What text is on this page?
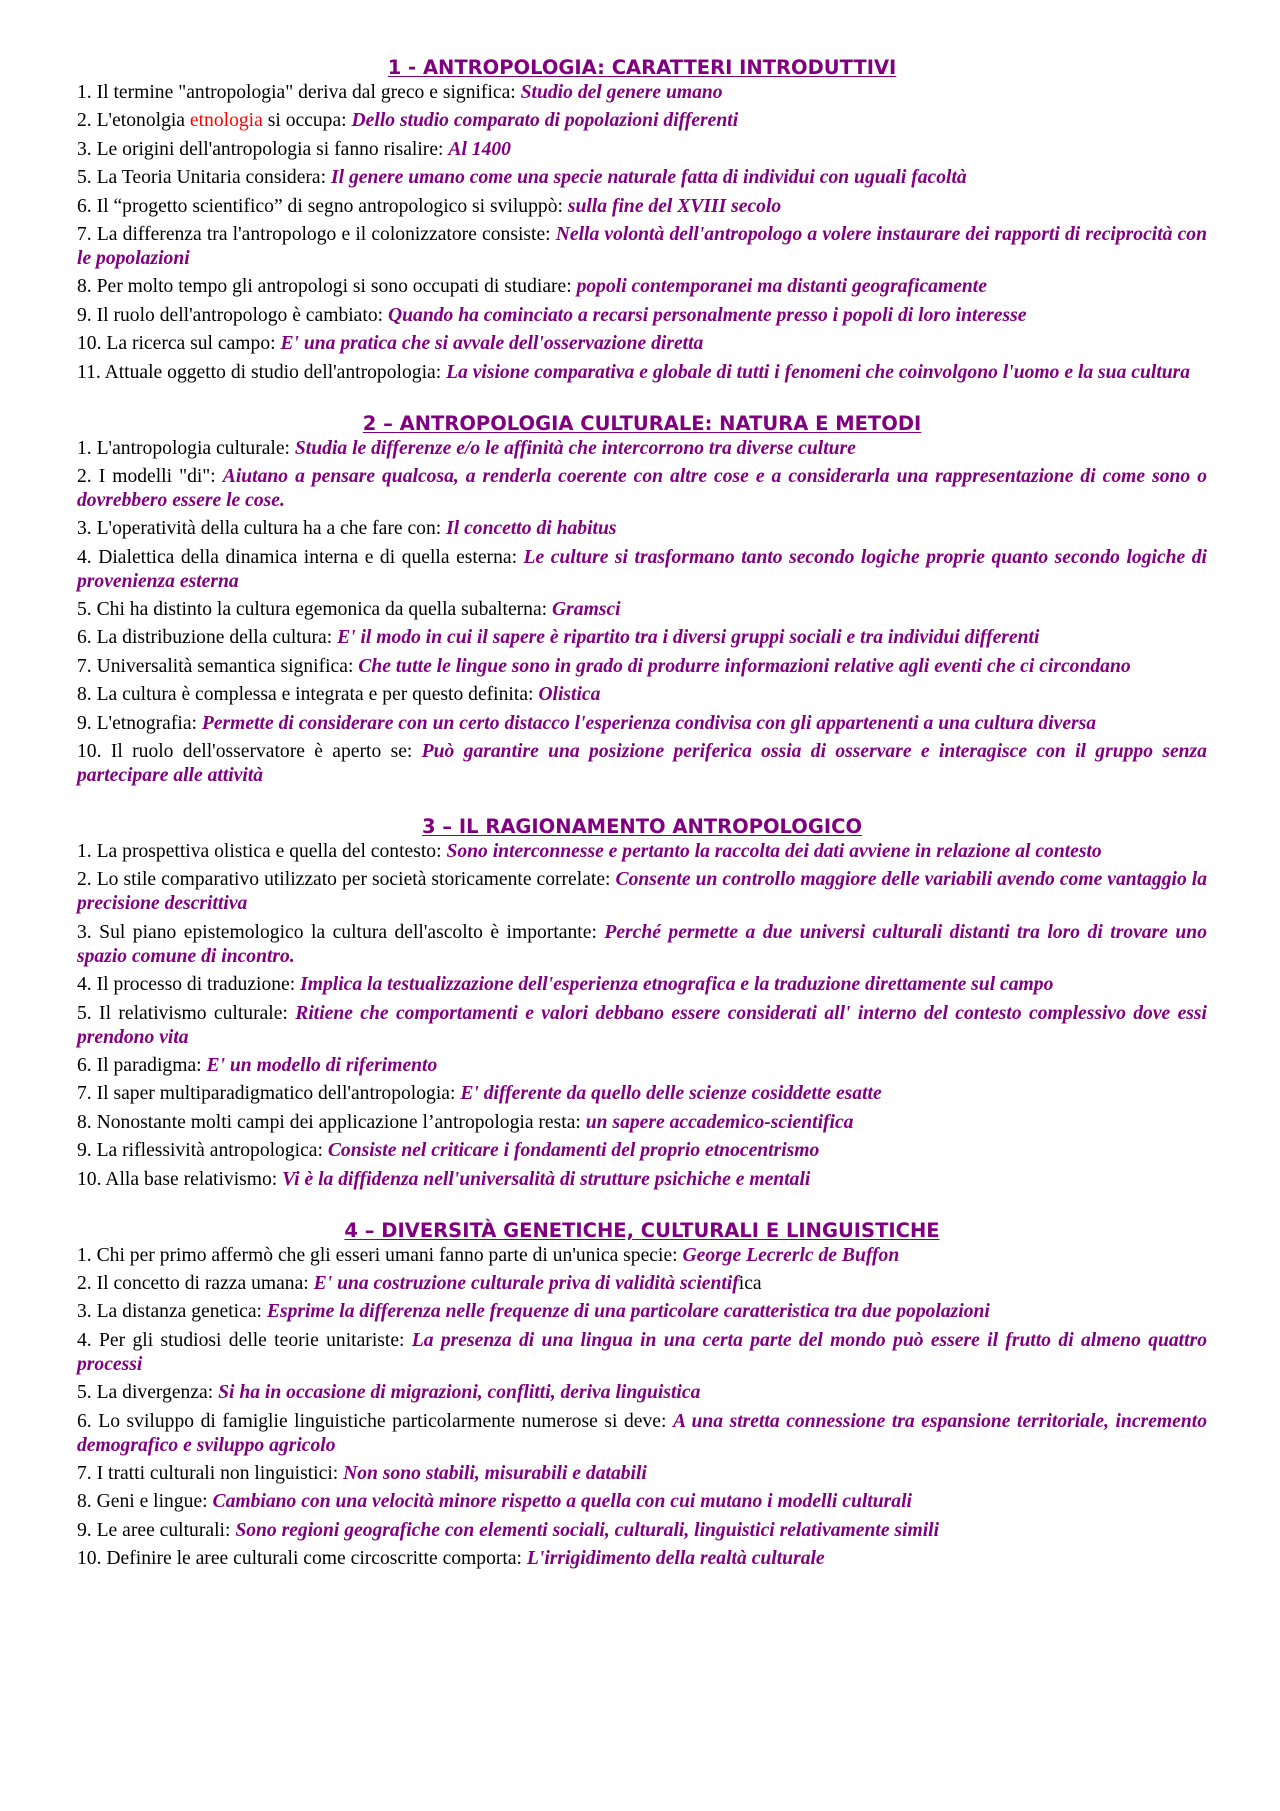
1 - ANTROPOLOGIA: CARATTERI INTRODUTTIVI

1. Il termine "antropologia" deriva dal greco e significa: Studio del genere umano

2. L'etonolgia etnologia si occupa: Dello studio comparato di popolazioni differenti

3. Le origini dell'antropologia si fanno risalire: Al 1400

5. La Teoria Unitaria considera: Il genere umano come una specie naturale fatta di individui con uguali facoltà

6. Il “progetto scientifico” di segno antropologico si sviluppò: sulla fine del XVIII secolo

7. La differenza tra l'antropologo e il colonizzatore consiste: Nella volontà dell'antropologo a volere instaurare dei rapporti di reciprocità con le popolazioni

8. Per molto tempo gli antropologi si sono occupati di studiare: popoli contemporanei ma distanti geograficamente

9. Il ruolo dell'antropologo è cambiato: Quando ha cominciato a recarsi personalmente presso i popoli di loro interesse

10. La ricerca sul campo: E' una pratica che si avvale dell'osservazione diretta

11. Attuale oggetto di studio dell'antropologia: La visione comparativa e globale di tutti i fenomeni che coinvolgono l'uomo e la sua cultura

2 – ANTROPOLOGIA CULTURALE: NATURA E METODI

1. L'antropologia culturale: Studia le differenze e/o le affinità che intercorrono tra diverse culture

2. I modelli "di": Aiutano a pensare qualcosa, a renderla coerente con altre cose e a considerarla una rappresentazione di come sono o dovrebbero essere le cose.

3. L'operatività della cultura ha a che fare con: Il concetto di habitus

4. Dialettica della dinamica interna e di quella esterna: Le culture si trasformano tanto secondo logiche proprie quanto secondo logiche di provenienza esterna

5. Chi ha distinto la cultura egemonica da quella subalterna: Gramsci

6. La distribuzione della cultura: E' il modo in cui il sapere è ripartito tra i diversi gruppi sociali e tra individui differenti

7. Universalità semantica significa: Che tutte le lingue sono in grado di produrre informazioni relative agli eventi che ci circondano

8. La cultura è complessa e integrata e per questo definita: Olistica

9. L'etnografia: Permette di considerare con un certo distacco l'esperienza condivisa con gli appartenenti a una cultura diversa

10. Il ruolo dell'osservatore è aperto se: Può garantire una posizione periferica ossia di osservare e interagisce con il gruppo senza partecipare alle attività

3 – IL RAGIONAMENTO ANTROPOLOGICO

1. La prospettiva olistica e quella del contesto: Sono interconnesse e pertanto la raccolta dei dati avviene in relazione al contesto

2. Lo stile comparativo utilizzato per società storicamente correlate: Consente un controllo maggiore delle variabili avendo come vantaggio la precisione descrittiva

3. Sul piano epistemologico la cultura dell'ascolto è importante: Perché permette a due universi culturali distanti tra loro di trovare uno spazio comune di incontro.

4. Il processo di traduzione: Implica la testualizzazione dell'esperienza etnografica e la traduzione direttamente sul campo

5. Il relativismo culturale: Ritiene che comportamenti e valori debbano essere considerati all' interno del contesto complessivo dove essi prendono vita

6. Il paradigma: E' un modello di riferimento

7. Il saper multiparadigmatico dell'antropologia: E' differente da quello delle scienze cosiddette esatte

8. Nonostante molti campi dei applicazione l’antropologia resta: un sapere accademico-scientifica

9. La riflessività antropologica: Consiste nel criticare i fondamenti del proprio etnocentrismo

10. Alla base relativismo: Vi è la diffidenza nell'universalità di strutture psichiche e mentali

4 – DIVERSITÀ GENETICHE, CULTURALI E LINGUISTICHE

1. Chi per primo affermò che gli esseri umani fanno parte di un'unica specie: George Lecrerlc de Buffon

2. Il concetto di razza umana: E' una costruzione culturale priva di validità scientifica

3. La distanza genetica: Esprime la differenza nelle frequenze di una particolare caratteristica tra due popolazioni

4. Per gli studiosi delle teorie unitariste: La presenza di una lingua in una certa parte del mondo può essere il frutto di almeno quattro processi

5. La divergenza: Si ha in occasione di migrazioni, conflitti, deriva linguistica

6. Lo sviluppo di famiglie linguistiche particolarmente numerose si deve: A una stretta connessione tra espansione territoriale, incremento demografico e sviluppo agricolo

7. I tratti culturali non linguistici: Non sono stabili, misurabili e databili

8. Geni e lingue: Cambiano con una velocità minore rispetto a quella con cui mutano i modelli culturali

9. Le aree culturali: Sono regioni geografiche con elementi sociali, culturali, linguistici relativamente simili

10. Definire le aree culturali come circoscritte comporta: L'irrigidimento della realtà culturale
